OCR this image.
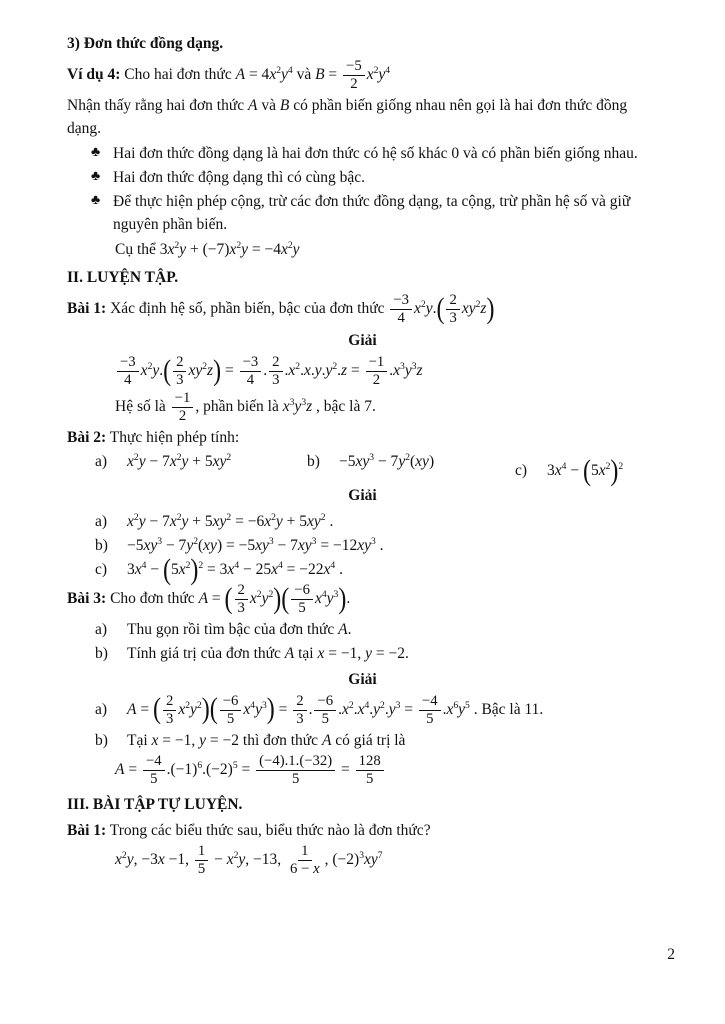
3) Đơn thức đồng dạng.
Ví dụ 4: Cho hai đơn thức $A = 4x^2y^4$ và $B = \frac{-5}{2} x^2y^4$
Nhận thấy rằng hai đơn thức A và B có phần biến giống nhau nên gọi là hai đơn thức đồng dạng.
♣ Hai đơn thức đồng dạng là hai đơn thức có hệ số khác 0 và có phần biến giống nhau.
♣ Hai đơn thức động dạng thì có cùng bậc.
♣ Để thực hiện phép cộng, trừ các đơn thức đồng dạng, ta cộng, trừ phần hệ số và giữ nguyên phần biến.
Cụ thể $3x^2y + (-7)x^2y = -4x^2y$
II. LUYỆN TẬP.
Bài 1: Xác định hệ số, phần biến, bậc của đơn thức $\frac{-3}{4} x^2y.( \frac{2}{3} xy^2z)$
Giải
$\frac{-3}{4} x^2y.( \frac{2}{3} xy^2z) = \frac{-3}{4}$ . $\frac{2}{3} .x^2.x.y.y^2.z = \frac{-1}{2} .x^3y^3z$
Hệ số là $\frac{-1}{2}$ , phần biến là $x^3y^3z$ , bậc là 7.
Bài 2: Thực hiện phép tính:
a) $x^2y - 7x^2y + 5xy^2$	$b) -5xy^3 - 7y^2(xy)$
c) $3x^4 - (5x^2)^2$
Giải
a) $x^2y - 7x^2y + 5xy^2 = -6x^2y + 5xy^2$ .
$b) -5xy^3 - 7y^2(xy) = -5xy^3 - 7xy^3 = -12xy^3$ .
c) $3x^4 - (5x^2)^2 = 3x^4 - 25x^4 = -22x^4$ .
Bài 3: Cho đơn thức A = ( $\frac{2}{3} x^2y^2)( \frac{-6}{5} x^4y^3)$.
a) Thu gọn rồi tìm bậc của đơn thức A.
b) Tính giá trị của đơn thức A tại x = −1, y = −2.
Giải
a) A = ( $\frac{2}{3} x^2y^2)( \frac{-6}{5} x^4y^3) = \frac{2}{3}$ . $\frac{-6}{5} .x^2.x^4.y^2.y^3 = \frac{-4}{5} .x^6y^5$ . Bậc là 11.
b) Tại x = −1, y = −2 thì đơn thức A có giá trị là
$A = \frac{-4}{5} .(-1)^6.(-2)^5 = \frac{(-4).1.(-32)}{5} = \frac{128}{5}$
III. BÀI TẬP TỰ LUYỆN.
Bài 1: Trong các biểu thức sau, biểu thức nào là đơn thức?
$x^2y$, −3x −1, $\frac{1}{5} - x^2y$, −13, $\frac{1}{6 - x}$ , $(-2)^3xy^7$
2
